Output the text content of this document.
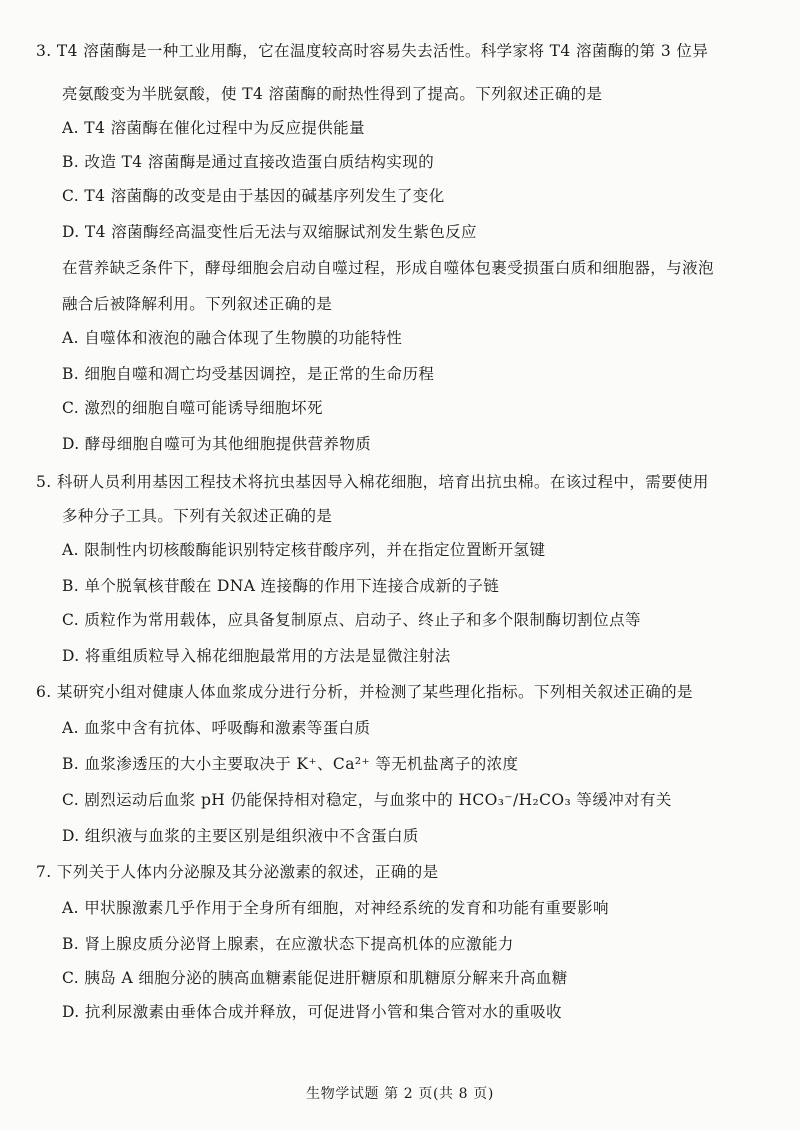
3. T4 溶菌酶是一种工业用酶，它在温度较高时容易失去活性。科学家将 T4 溶菌酶的第 3 位异
亮氨酸变为半胱氨酸，使 T4 溶菌酶的耐热性得到了提高。下列叙述正确的是
A. T4 溶菌酶在催化过程中为反应提供能量
B. 改造 T4 溶菌酶是通过直接改造蛋白质结构实现的
C. T4 溶菌酶的改变是由于基因的碱基序列发生了变化
D. T4 溶菌酶经高温变性后无法与双缩脲试剂发生紫色反应
在营养缺乏条件下，酵母细胞会启动自噬过程，形成自噬体包裹受损蛋白质和细胞器，与液泡
融合后被降解利用。下列叙述正确的是
A. 自噬体和液泡的融合体现了生物膜的功能特性
B. 细胞自噬和凋亡均受基因调控，是正常的生命历程
C. 激烈的细胞自噬可能诱导细胞坏死
D. 酵母细胞自噬可为其他细胞提供营养物质
5. 科研人员利用基因工程技术将抗虫基因导入棉花细胞，培育出抗虫棉。在该过程中，需要使用
多种分子工具。下列有关叙述正确的是
A. 限制性内切核酸酶能识别特定核苷酸序列，并在指定位置断开氢键
B. 单个脱氧核苷酸在 DNA 连接酶的作用下连接合成新的子链
C. 质粒作为常用载体，应具备复制原点、启动子、终止子和多个限制酶切割位点等
D. 将重组质粒导入棉花细胞最常用的方法是显微注射法
6. 某研究小组对健康人体血浆成分进行分析，并检测了某些理化指标。下列相关叙述正确的是
A. 血浆中含有抗体、呼吸酶和激素等蛋白质
B. 血浆渗透压的大小主要取决于 K⁺、Ca²⁺ 等无机盐离子的浓度
C. 剧烈运动后血浆 pH 仍能保持相对稳定，与血浆中的 HCO₃⁻/H₂CO₃ 等缓冲对有关
D. 组织液与血浆的主要区别是组织液中不含蛋白质
7. 下列关于人体内分泌腺及其分泌激素的叙述，正确的是
A. 甲状腺激素几乎作用于全身所有细胞，对神经系统的发育和功能有重要影响
B. 肾上腺皮质分泌肾上腺素，在应激状态下提高机体的应激能力
C. 胰岛 A 细胞分泌的胰高血糖素能促进肝糖原和肌糖原分解来升高血糖
D. 抗利尿激素由垂体合成并释放，可促进肾小管和集合管对水的重吸收
生物学试题 第 2 页(共 8 页)
